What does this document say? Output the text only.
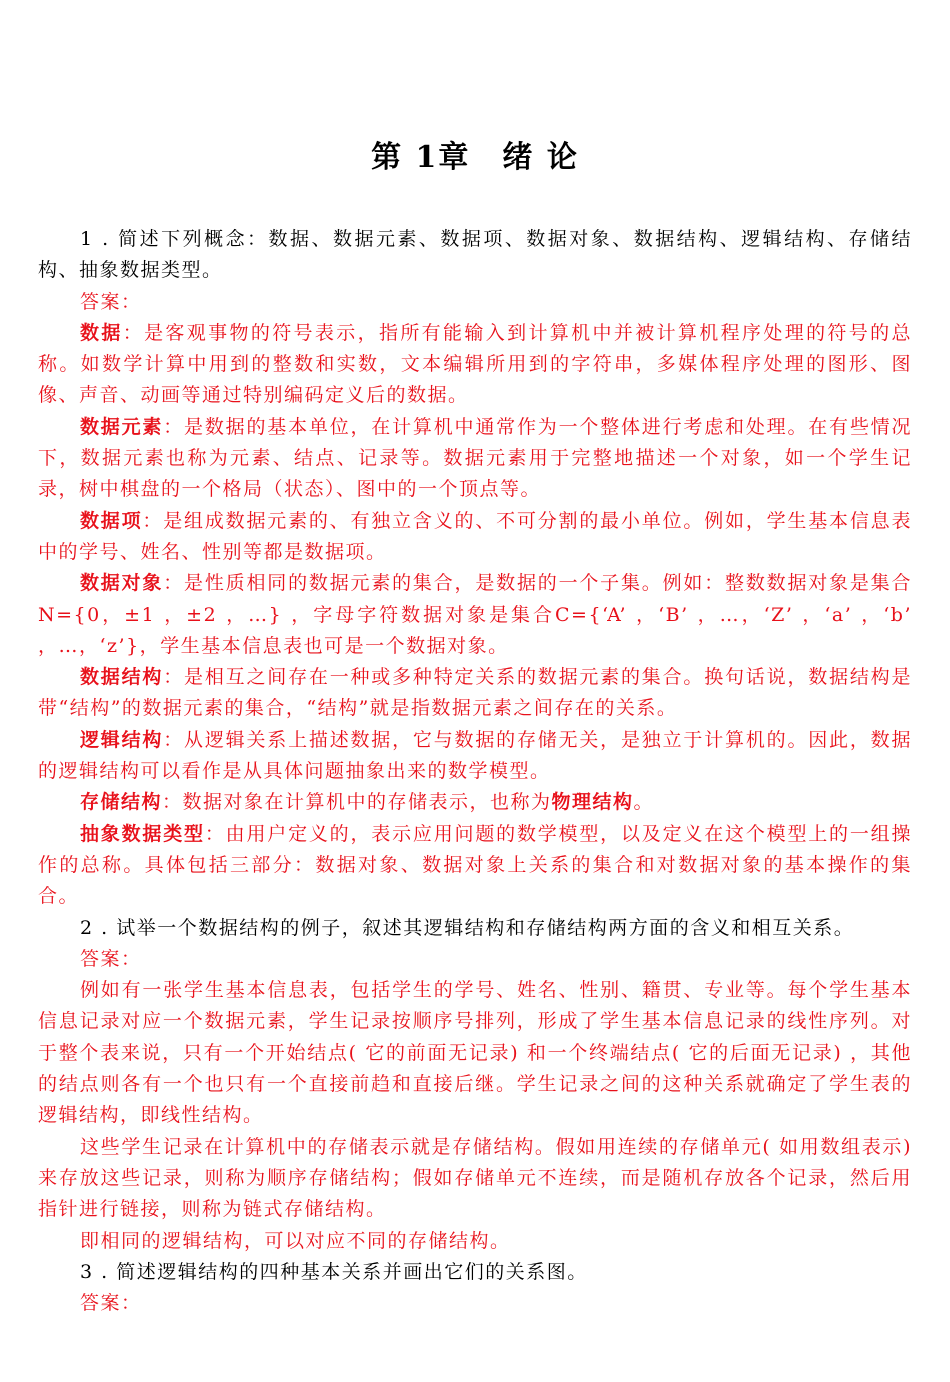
第 1章　绪 论

1 . 简述下列概念：数据、数据元素、数据项、数据对象、数据结构、逻辑结构、存储结构、抽象数据类型。

答案：

数据：是客观事物的符号表示，指所有能输入到计算机中并被计算机程序处理的符号的总称。如数学计算中用到的整数和实数，文本编辑所用到的字符串，多媒体程序处理的图形、图像、声音、动画等通过特别编码定义后的数据。

数据元素：是数据的基本单位，在计算机中通常作为一个整体进行考虑和处理。在有些情况下，数据元素也称为元素、结点、记录等。数据元素用于完整地描述一个对象，如一个学生记录，树中棋盘的一个格局（状态）、图中的一个顶点等。

数据项：是组成数据元素的、有独立含义的、不可分割的最小单位。例如，学生基本信息表中的学号、姓名、性别等都是数据项。

数据对象：是性质相同的数据元素的集合，是数据的一个子集。例如：整数数据对象是集合N={0，±1 ，±2 ，…} ，字母字符数据对象是集合C={‘A’ ，‘B’ ，…，‘Z’ ，‘a’ ，‘b’ ，…，‘z’}，学生基本信息表也可是一个数据对象。

数据结构：是相互之间存在一种或多种特定关系的数据元素的集合。换句话说，数据结构是带“结构”的数据元素的集合，“结构”就是指数据元素之间存在的关系。

逻辑结构：从逻辑关系上描述数据，它与数据的存储无关，是独立于计算机的。因此，数据的逻辑结构可以看作是从具体问题抽象出来的数学模型。

存储结构：数据对象在计算机中的存储表示，也称为物理结构。

抽象数据类型：由用户定义的，表示应用问题的数学模型，以及定义在这个模型上的一组操作的总称。具体包括三部分：数据对象、数据对象上关系的集合和对数据对象的基本操作的集合。

2 . 试举一个数据结构的例子，叙述其逻辑结构和存储结构两方面的含义和相互关系。

答案：

例如有一张学生基本信息表，包括学生的学号、姓名、性别、籍贯、专业等。每个学生基本信息记录对应一个数据元素，学生记录按顺序号排列，形成了学生基本信息记录的线性序列。对于整个表来说，只有一个开始结点( 它的前面无记录) 和一个终端结点( 它的后面无记录) ，其他的结点则各有一个也只有一个直接前趋和直接后继。学生记录之间的这种关系就确定了学生表的逻辑结构，即线性结构。

这些学生记录在计算机中的存储表示就是存储结构。假如用连续的存储单元( 如用数组表示) 来存放这些记录，则称为顺序存储结构；假如存储单元不连续，而是随机存放各个记录，然后用指针进行链接，则称为链式存储结构。

即相同的逻辑结构，可以对应不同的存储结构。

3 . 简述逻辑结构的四种基本关系并画出它们的关系图。

答案：
